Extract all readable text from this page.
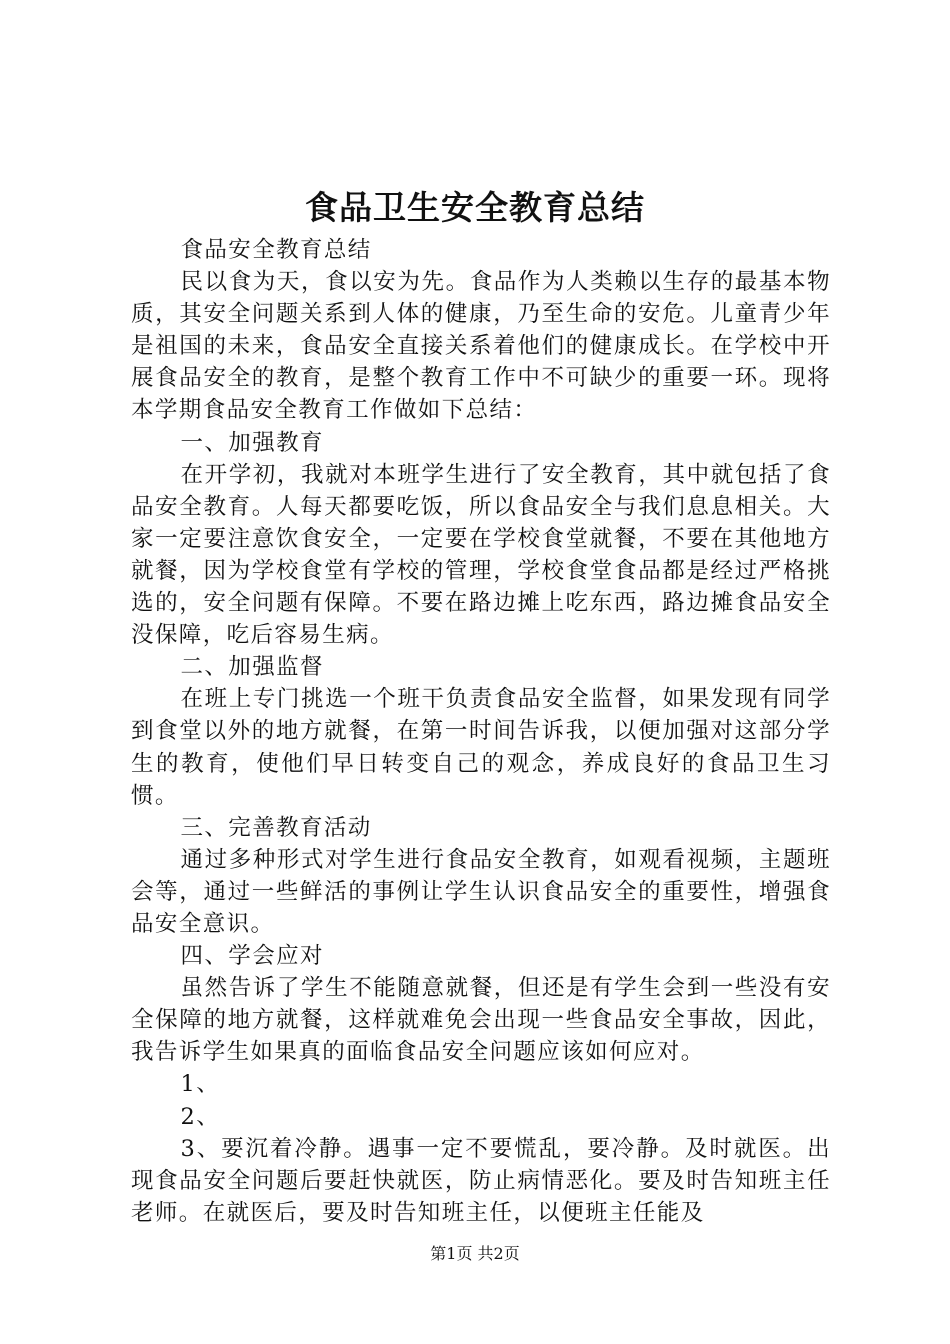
食品卫生安全教育总结

食品安全教育总结

民以食为天，食以安为先。食品作为人类赖以生存的最基本物质，其安全问题关系到人体的健康，乃至生命的安危。儿童青少年是祖国的未来，食品安全直接关系着他们的健康成长。在学校中开展食品安全的教育，是整个教育工作中不可缺少的重要一环。现将本学期食品安全教育工作做如下总结：

一、加强教育

在开学初，我就对本班学生进行了安全教育，其中就包括了食品安全教育。人每天都要吃饭，所以食品安全与我们息息相关。大家一定要注意饮食安全，一定要在学校食堂就餐，不要在其他地方就餐，因为学校食堂有学校的管理，学校食堂食品都是经过严格挑选的，安全问题有保障。不要在路边摊上吃东西，路边摊食品安全没保障，吃后容易生病。

二、加强监督

在班上专门挑选一个班干负责食品安全监督，如果发现有同学到食堂以外的地方就餐，在第一时间告诉我，以便加强对这部分学生的教育，使他们早日转变自己的观念，养成良好的食品卫生习惯。

三、完善教育活动

通过多种形式对学生进行食品安全教育，如观看视频，主题班会等，通过一些鲜活的事例让学生认识食品安全的重要性，增强食品安全意识。

四、学会应对

虽然告诉了学生不能随意就餐，但还是有学生会到一些没有安全保障的地方就餐，这样就难免会出现一些食品安全事故，因此，我告诉学生如果真的面临食品安全问题应该如何应对。

1、

2、

3、要沉着冷静。遇事一定不要慌乱，要冷静。及时就医。出现食品安全问题后要赶快就医，防止病情恶化。要及时告知班主任老师。在就医后，要及时告知班主任，以便班主任能及

第1页 共2页
